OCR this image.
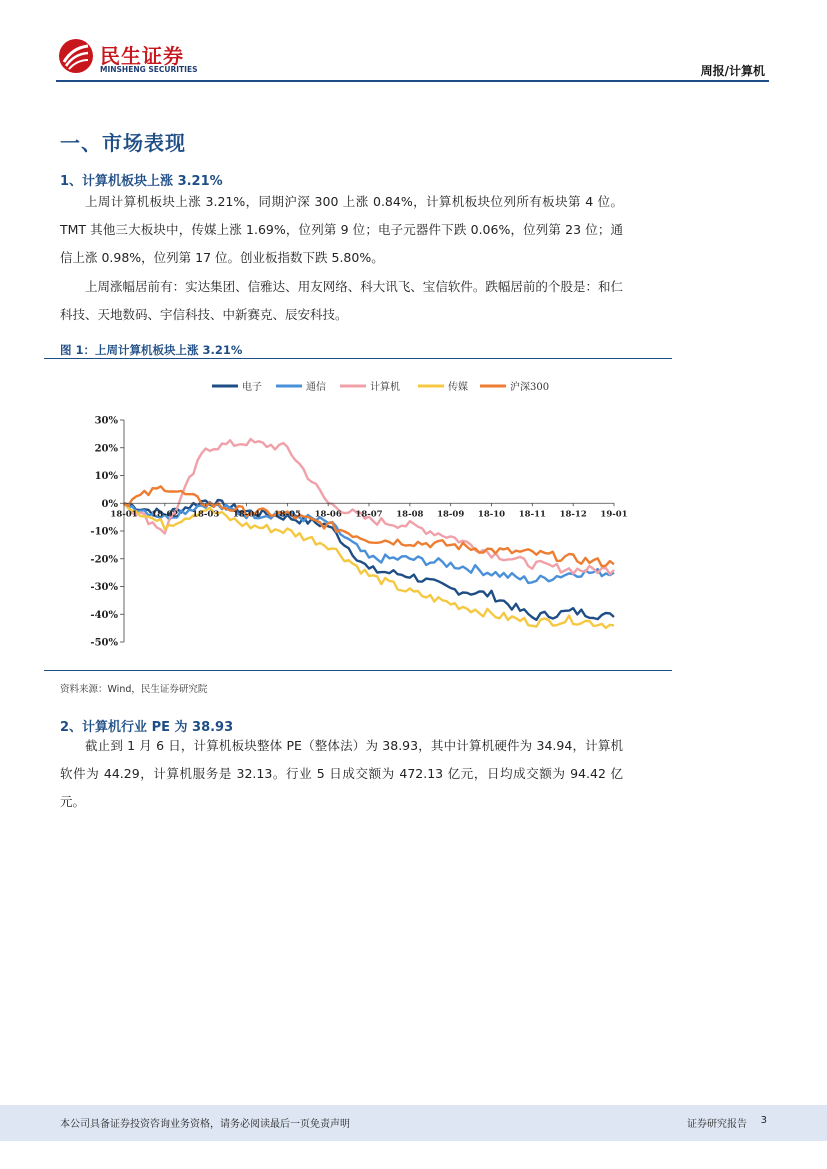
民生证券
MINSHENG SECURITIES	周报/计算机
一、市场表现
1、计算机板块上涨 3.21%

上周计算机板块上涨 3.21%，同期沪深 300 上涨 0.84%，计算机板块位列所有板块第 4 位。TMT 其他三大板块中，传媒上涨 1.69%，位列第 9 位；电子元器件下跌 0.06%，位列第 23 位；通信上涨 0.98%，位列第 17 位。创业板指数下跌 5.80%。

上周涨幅居前有：实达集团、信雅达、用友网络、科大讯飞、宝信软件。跌幅居前的个股是：和仁科技、天地数码、宇信科技、中新赛克、辰安科技。

图 1：上周计算机板块上涨 3.21%
电子	通信	计算机	传媒	沪深300
30%
20%
10%
0%
-10%
-20%
-30%
-40%
-50%
18-01 18-02 18-03 18-04 18-05 18-06 18-07 18-08 18-09 18-10 18-11 18-12 19-01
资料来源：Wind，民生证券研究院
2、计算机行业 PE 为 38.93

截止到 1 月 6 日，计算机板块整体 PE（整体法）为 38.93，其中计算机硬件为 34.94，计算机软件为 44.29，计算机服务是 32.13。行业 5 日成交额为 472.13 亿元，日均成交额为 94.42 亿元。

本公司具备证券投资咨询业务资格，请务必阅读最后一页免责声明	证券研究报告 3
